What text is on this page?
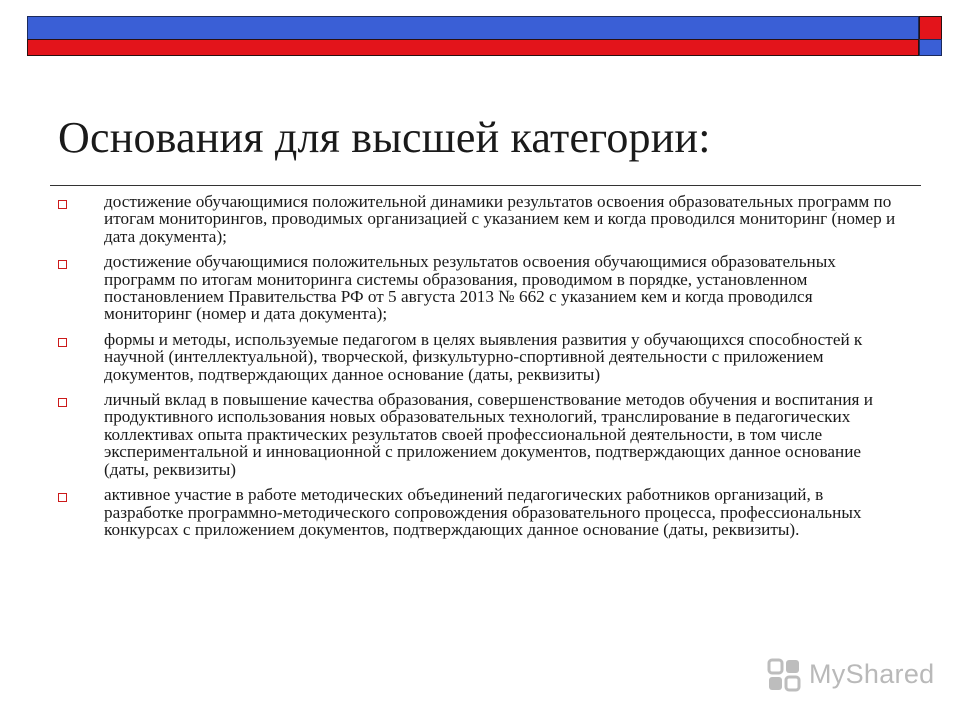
Основания для высшей категории:
достижение обучающимися положительной динамики результатов освоения образовательных программ по итогам мониторингов, проводимых организацией с указанием кем и когда проводился мониторинг (номер и дата документа);
достижение обучающимися положительных результатов освоения обучающимися образовательных программ по итогам мониторинга системы образования, проводимом в порядке, установленном постановлением Правительства РФ от 5 августа 2013 № 662 с указанием кем и когда проводился мониторинг (номер и дата документа);
формы и методы, используемые педагогом в целях выявления развития у обучающихся способностей к научной (интеллектуальной), творческой, физкультурно-спортивной деятельности с приложением документов, подтверждающих данное основание (даты, реквизиты)
личный вклад в повышение качества образования, совершенствование методов обучения и воспитания и продуктивного использования новых образовательных технологий, транслирование в педагогических коллективах опыта практических результатов своей профессиональной деятельности, в том числе экспериментальной и инновационной с приложением документов, подтверждающих данное основание (даты, реквизиты)
активное участие в работе методических объединений педагогических работников организаций, в разработке программно-методического сопровождения образовательного процесса, профессиональных конкурсах с приложением документов, подтверждающих данное основание (даты, реквизиты).
MyShared
